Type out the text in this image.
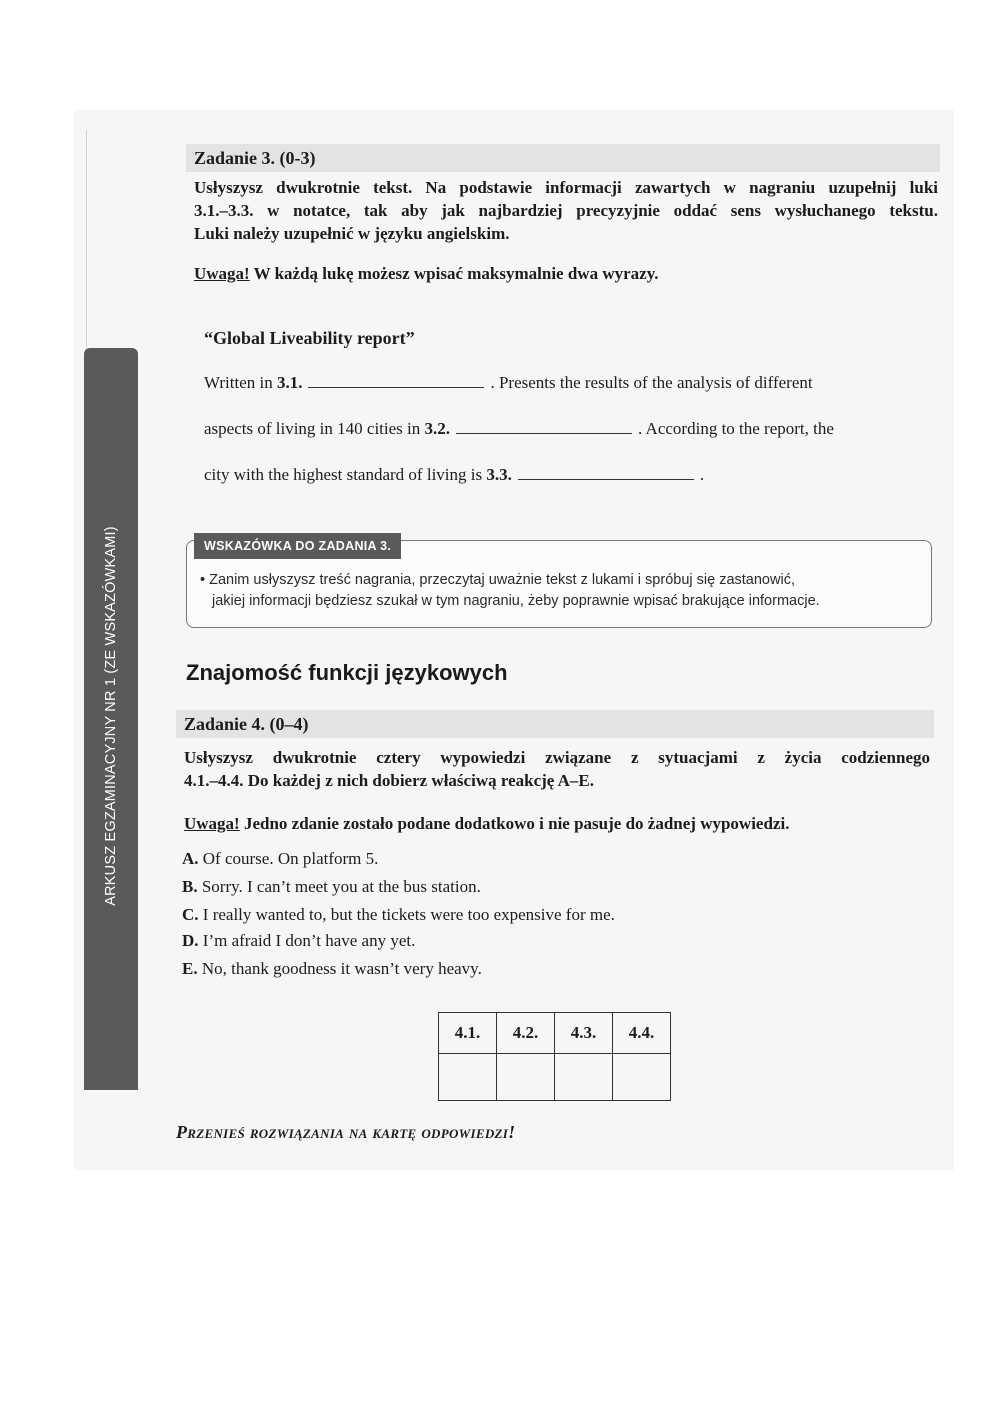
ARKUSZ EGZAMINACYJNY NR 1 (ZE WSKAZÓWKAMI)
Zadanie 3. (0-3)
Usłyszysz dwukrotnie tekst. Na podstawie informacji zawartych w nagraniu uzupełnij luki
3.1.–3.3. w notatce, tak aby jak najbardziej precyzyjnie oddać sens wysłuchanego tekstu.
Luki należy uzupełnić w języku angielskim.
Uwaga! W każdą lukę możesz wpisać maksymalnie dwa wyrazy.
“Global Liveability report”
Written in 3.1.	. Presents the results of the analysis of different
aspects of living in 140 cities in 3.2.	. According to the report, the
city with the highest standard of living is 3.3.	.
WSKAZÓWKA DO ZADANIA 3.
• Zanim usłyszysz treść nagrania, przeczytaj uważnie tekst z lukami i spróbuj się zastanowić,
jakiej informacji będziesz szukał w tym nagraniu, żeby poprawnie wpisać brakujące informacje.
Znajomość funkcji językowych
Zadanie 4. (0–4)
Usłyszysz dwukrotnie cztery wypowiedzi związane z sytuacjami z życia codziennego
4.1.–4.4. Do każdej z nich dobierz właściwą reakcję A–E.
Uwaga! Jedno zdanie zostało podane dodatkowo i nie pasuje do żadnej wypowiedzi.
A. Of course. On platform 5.
B. Sorry. I can’t meet you at the bus station.
C. I really wanted to, but the tickets were too expensive for me.
D. I’m afraid I don’t have any yet.
E. No, thank goodness it wasn’t very heavy.
4.1.	4.2.	4.3.	4.4.

Przenieś rozwiązania na kartę odpowiedzi!
